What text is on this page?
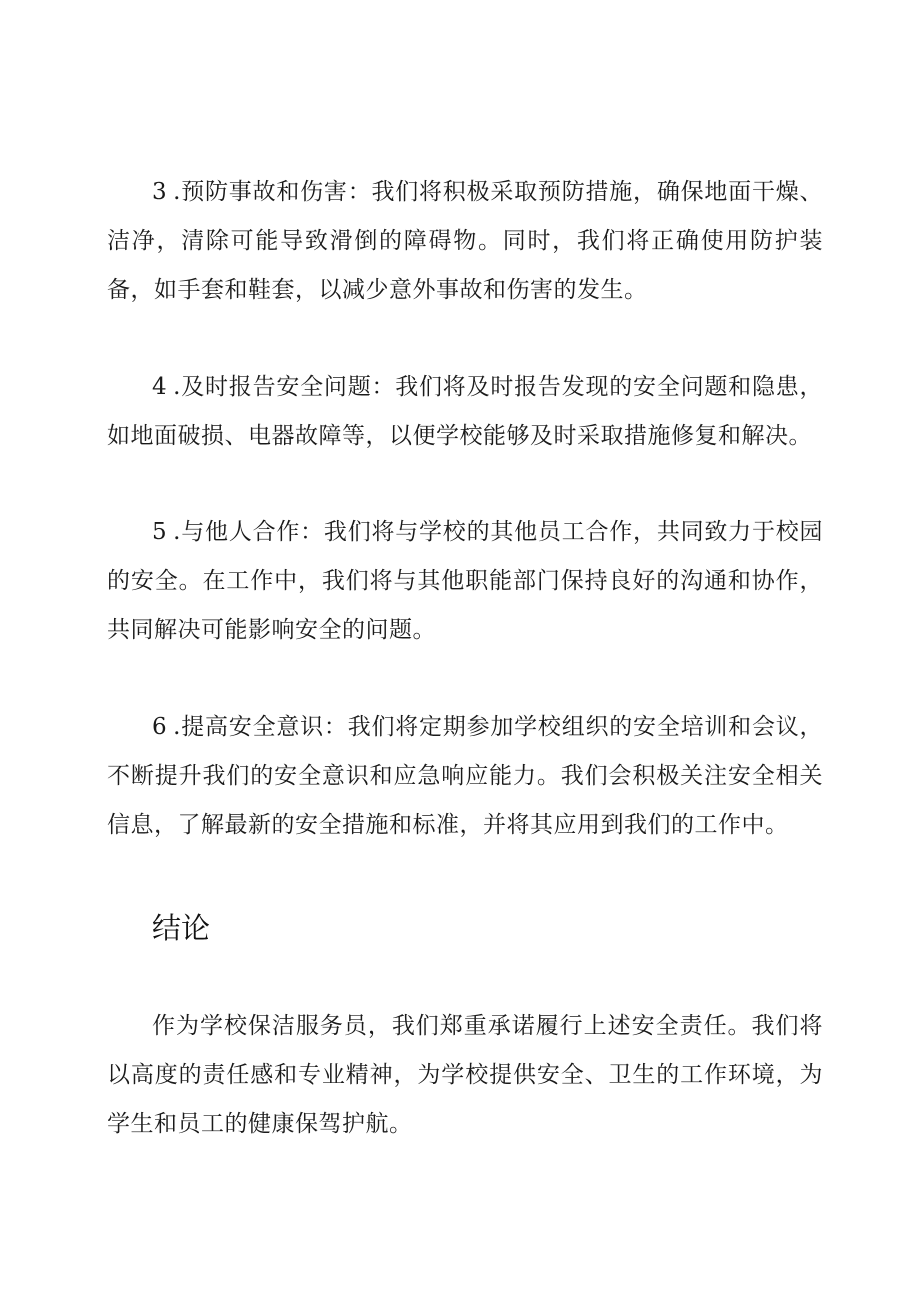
3 .预防事故和伤害：我们将积极采取预防措施，确保地面干燥、洁净，清除可能导致滑倒的障碍物。同时，我们将正确使用防护装备，如手套和鞋套，以减少意外事故和伤害的发生。

4 .及时报告安全问题：我们将及时报告发现的安全问题和隐患，如地面破损、电器故障等，以便学校能够及时采取措施修复和解决。

5 .与他人合作：我们将与学校的其他员工合作，共同致力于校园的安全。在工作中，我们将与其他职能部门保持良好的沟通和协作，共同解决可能影响安全的问题。

6 .提高安全意识：我们将定期参加学校组织的安全培训和会议，不断提升我们的安全意识和应急响应能力。我们会积极关注安全相关信息，了解最新的安全措施和标准，并将其应用到我们的工作中。

结论

作为学校保洁服务员，我们郑重承诺履行上述安全责任。我们将以高度的责任感和专业精神，为学校提供安全、卫生的工作环境，为学生和员工的健康保驾护航。
